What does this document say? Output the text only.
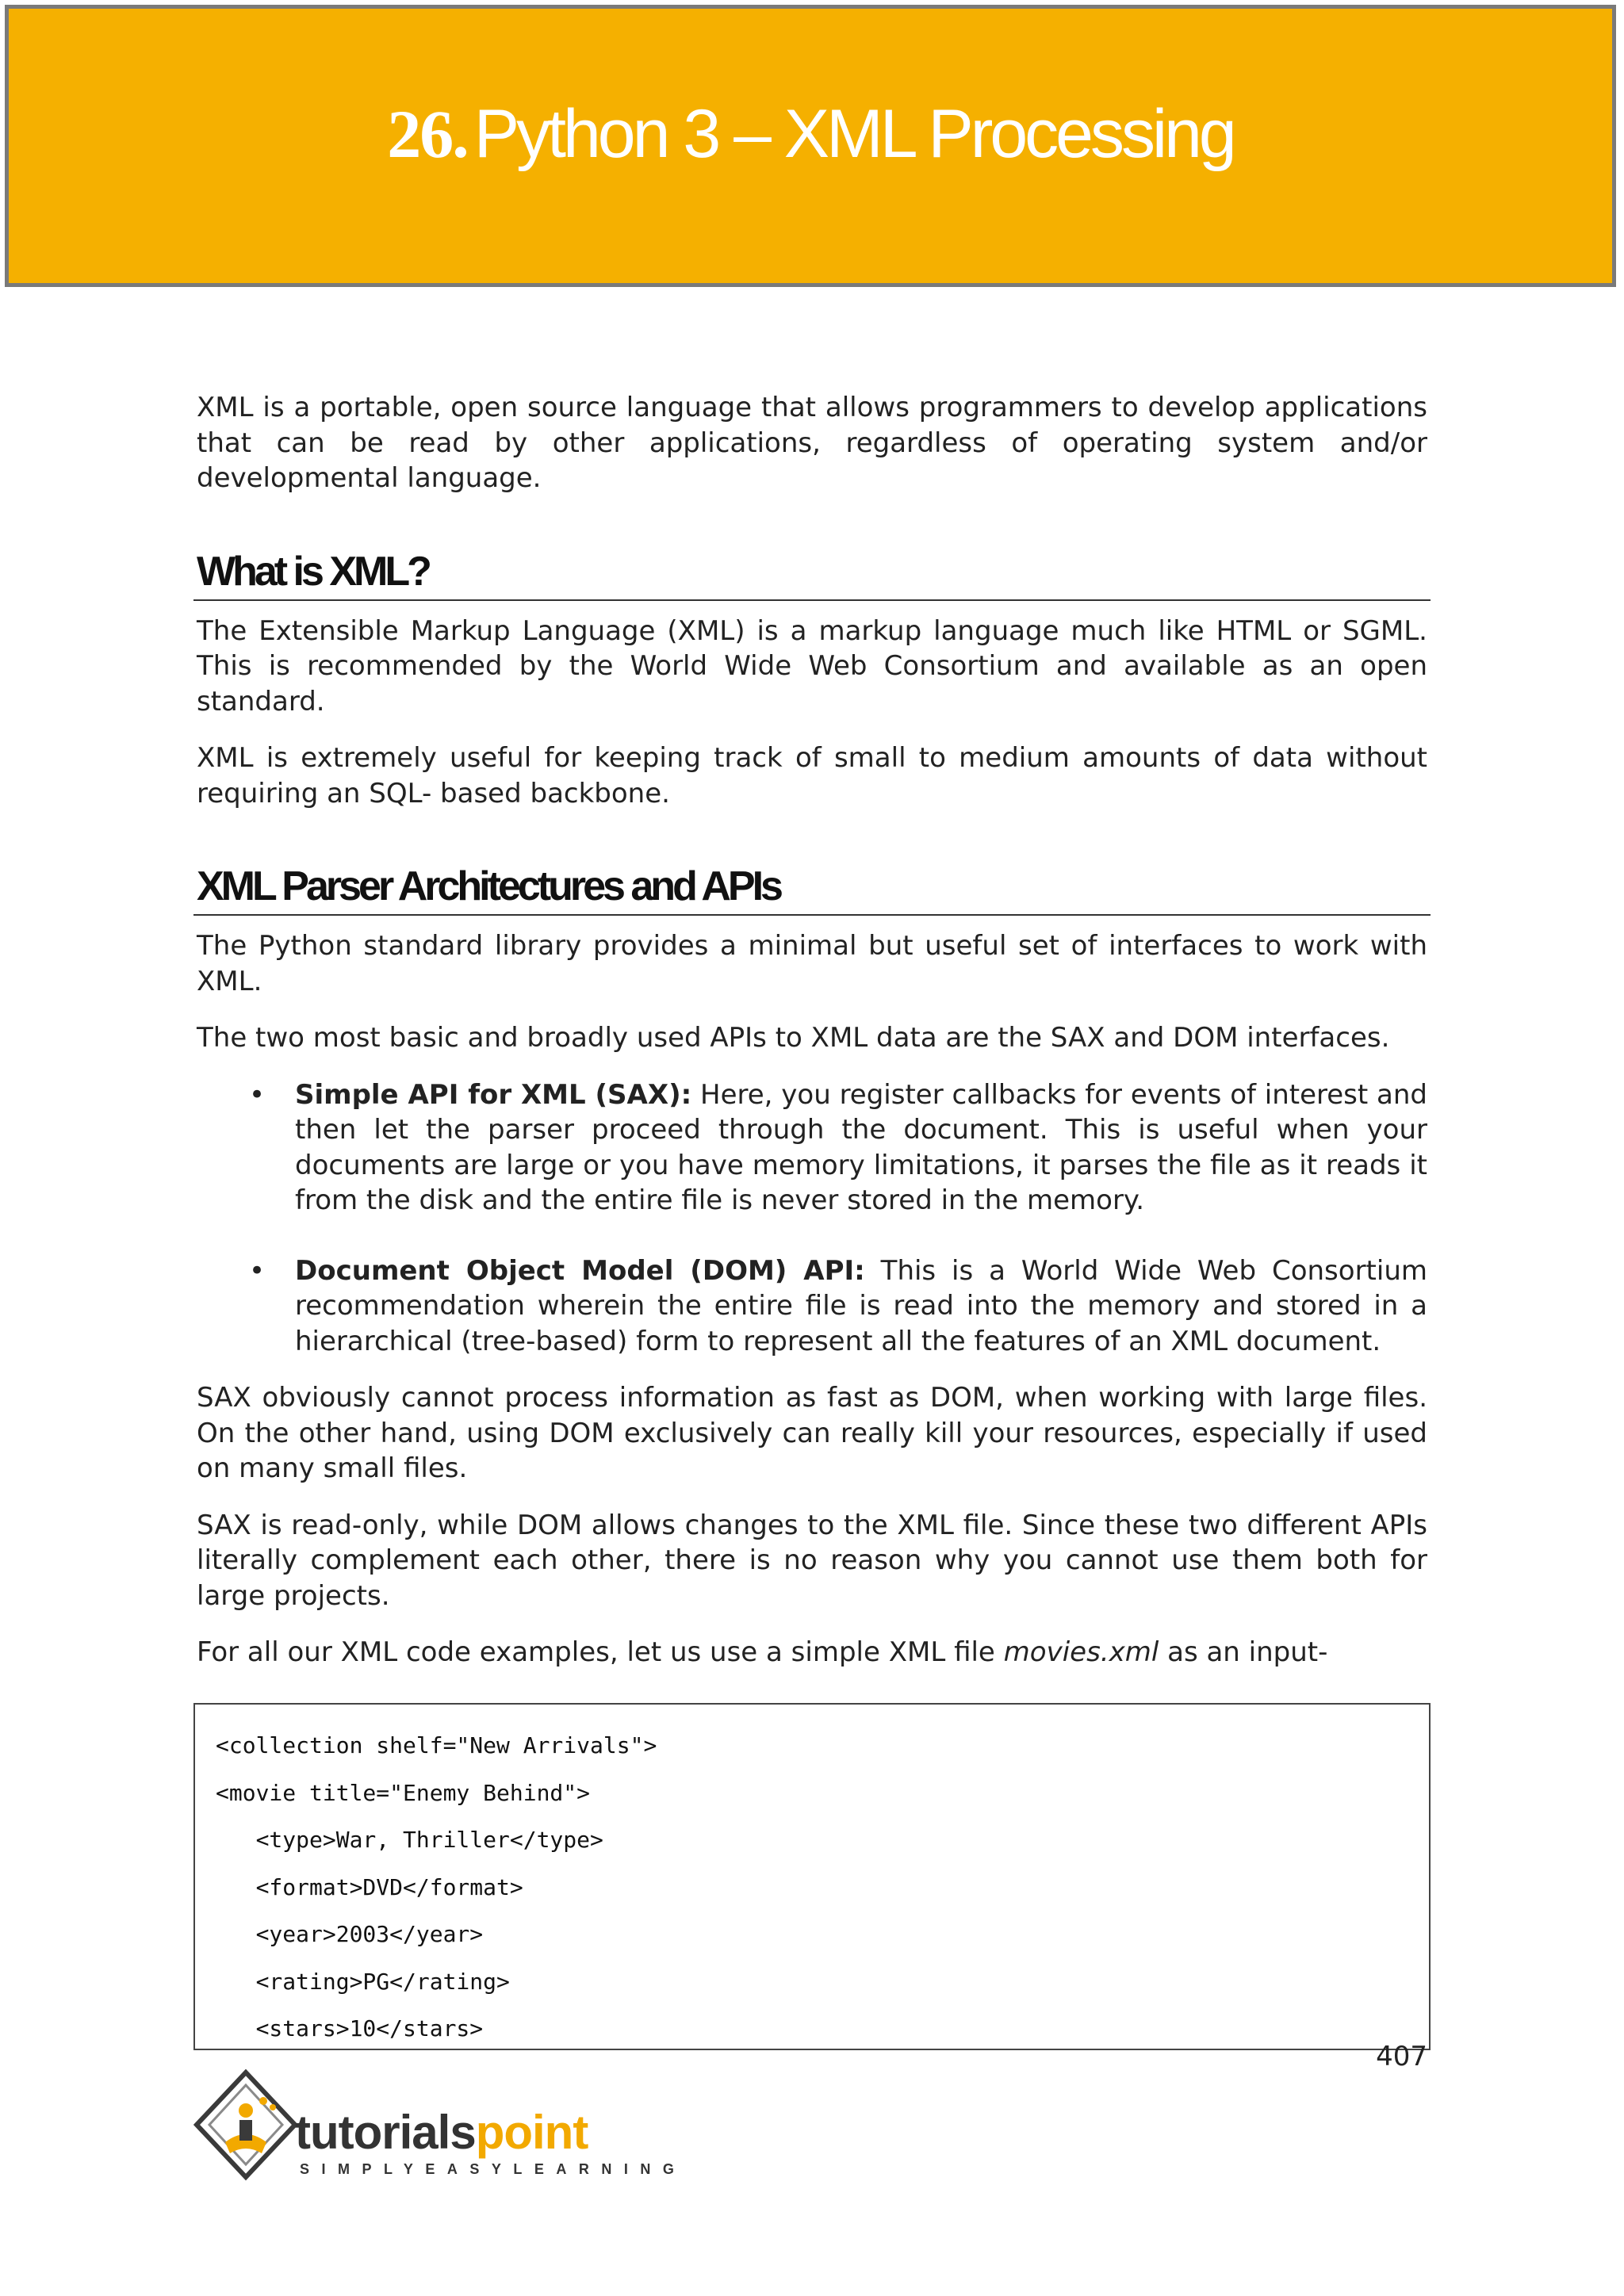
26.Python 3 – XML Processing

XML is a portable, open source language that allows programmers to develop applications that can be read by other applications, regardless of operating system and/or developmental language.

What is XML?

The Extensible Markup Language (XML) is a markup language much like HTML or SGML. This is recommended by the World Wide Web Consortium and available as an open standard.

XML is extremely useful for keeping track of small to medium amounts of data without requiring an SQL- based backbone.

XML Parser Architectures and APIs

The Python standard library provides a minimal but useful set of interfaces to work with XML.

The two most basic and broadly used APIs to XML data are the SAX and DOM interfaces.

• Simple API for XML (SAX): Here, you register callbacks for events of interest and then let the parser proceed through the document. This is useful when your documents are large or you have memory limitations, it parses the file as it reads it from the disk and the entire file is never stored in the memory.
• Document Object Model (DOM) API: This is a World Wide Web Consortium recommendation wherein the entire file is read into the memory and stored in a hierarchical (tree-based) form to represent all the features of an XML document.

SAX obviously cannot process information as fast as DOM, when working with large files. On the other hand, using DOM exclusively can really kill your resources, especially if used on many small files.

SAX is read-only, while DOM allows changes to the XML file. Since these two different APIs literally complement each other, there is no reason why you cannot use them both for large projects.

For all our XML code examples, let us use a simple XML file movies.xml as an input-

<collection shelf="New Arrivals">
<movie title="Enemy Behind">
<type>War, Thriller</type>
<format>DVD</format>
<year>2003</year>
<rating>PG</rating>
<stars>10</stars>
407
tutorialspoint
SIMPLYEASYLEARNING
